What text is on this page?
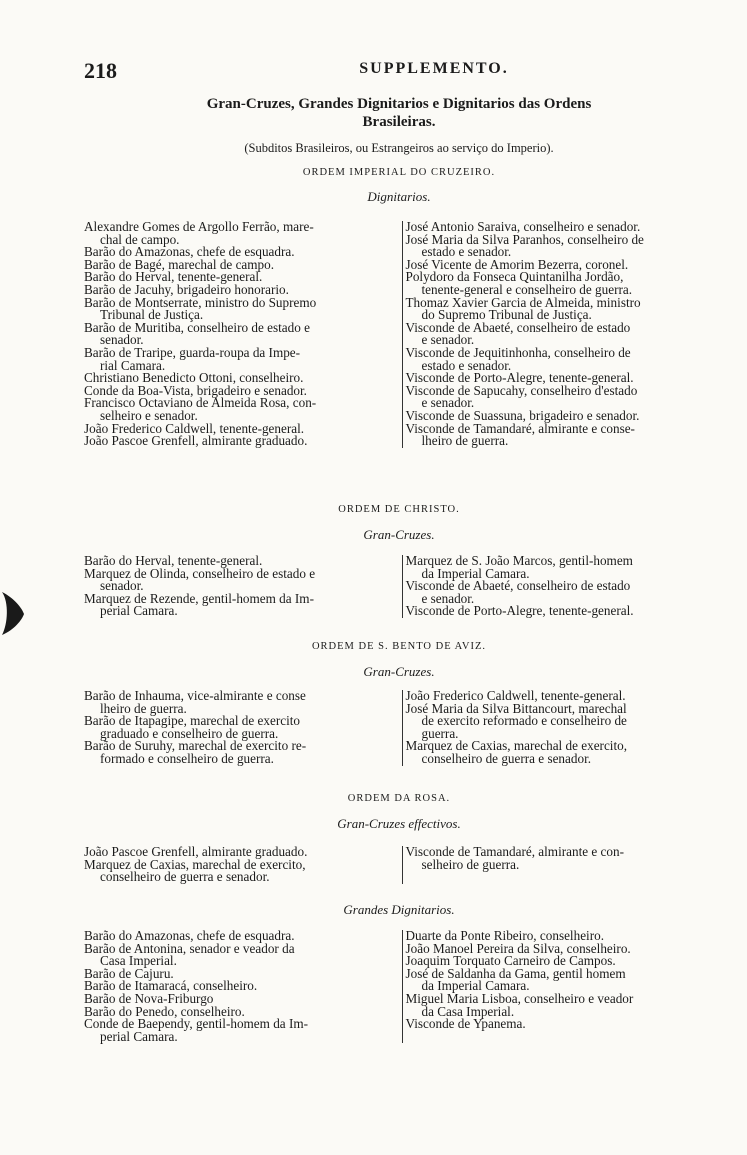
218	SUPPLEMENTO.
Gran-Cruzes, Grandes Dignitarios e Dignitarios das Ordens
Brasileiras.
(Subditos Brasileiros, ou Estrangeiros ao serviço do Imperio).
ORDEM IMPERIAL DO CRUZEIRO.
Dignitarios.
Alexandre Gomes de Argollo Ferrão, mare-
chal de campo.
Barão do Amazonas, chefe de esquadra.
Barão de Bagé, marechal de campo.
Barão do Herval, tenente-general.
Barão de Jacuhy, brigadeiro honorario.
Barão de Montserrate, ministro do Supremo
Tribunal de Justiça.
Barão de Muritiba, conselheiro de estado e
senador.
Barão de Traripe, guarda-roupa da Impe-
rial Camara.
Christiano Benedicto Ottoni, conselheiro.
Conde da Boa-Vista, brigadeiro e senador.
Francisco Octaviano de Almeida Rosa, con-
selheiro e senador.
João Frederico Caldwell, tenente-general.
João Pascoe Grenfell, almirante graduado.
José Antonio Saraiva, conselheiro e senador.
José Maria da Silva Paranhos, conselheiro de
estado e senador.
José Vicente de Amorim Bezerra, coronel.
Polydoro da Fonseca Quintanilha Jordão,
tenente-general e conselheiro de guerra.
Thomaz Xavier Garcia de Almeida, ministro
do Supremo Tribunal de Justiça.
Visconde de Abaeté, conselheiro de estado
e senador.
Visconde de Jequitinhonha, conselheiro de
estado e senador.
Visconde de Porto-Alegre, tenente-general.
Visconde de Sapucahy, conselheiro d'estado
e senador.
Visconde de Suassuna, brigadeiro e senador.
Visconde de Tamandaré, almirante e conse-
lheiro de guerra.
ORDEM DE CHRISTO.
Gran-Cruzes.
Barão do Herval, tenente-general.
Marquez de Olinda, conselheiro de estado e
senador.
Marquez de Rezende, gentil-homem da Im-
perial Camara.
Marquez de S. João Marcos, gentil-homem
da Imperial Camara.
Visconde de Abaeté, conselheiro de estado
e senador.
Visconde de Porto-Alegre, tenente-general.
ORDEM DE S. BENTO DE AVIZ.
Gran-Cruzes.
Barão de Inhauma, vice-almirante e conse
lheiro de guerra.
Barão de Itapagipe, marechal de exercito
graduado e conselheiro de guerra.
Barão de Suruhy, marechal de exercito re-
formado e conselheiro de guerra.
João Frederico Caldwell, tenente-general.
José Maria da Silva Bittancourt, marechal
de exercito reformado e conselheiro de
guerra.
Marquez de Caxias, marechal de exercito,
conselheiro de guerra e senador.
ORDEM DA ROSA.
Gran-Cruzes effectivos.
João Pascoe Grenfell, almirante graduado.
Marquez de Caxias, marechal de exercito,
conselheiro de guerra e senador.
Visconde de Tamandaré, almirante e con-
selheiro de guerra.
Grandes Dignitarios.
Barão do Amazonas, chefe de esquadra.
Barão de Antonina, senador e veador da
Casa Imperial.
Barão de Cajuru.
Barão de Itamaracá, conselheiro.
Barão de Nova-Friburgo
Barão do Penedo, conselheiro.
Conde de Baependy, gentil-homem da Im-
perial Camara.
Duarte da Ponte Ribeiro, conselheiro.
João Manoel Pereira da Silva, conselheiro.
Joaquim Torquato Carneiro de Campos.
José de Saldanha da Gama, gentil homem
da Imperial Camara.
Miguel Maria Lisboa, conselheiro e veador
da Casa Imperial.
Visconde de Ypanema.
